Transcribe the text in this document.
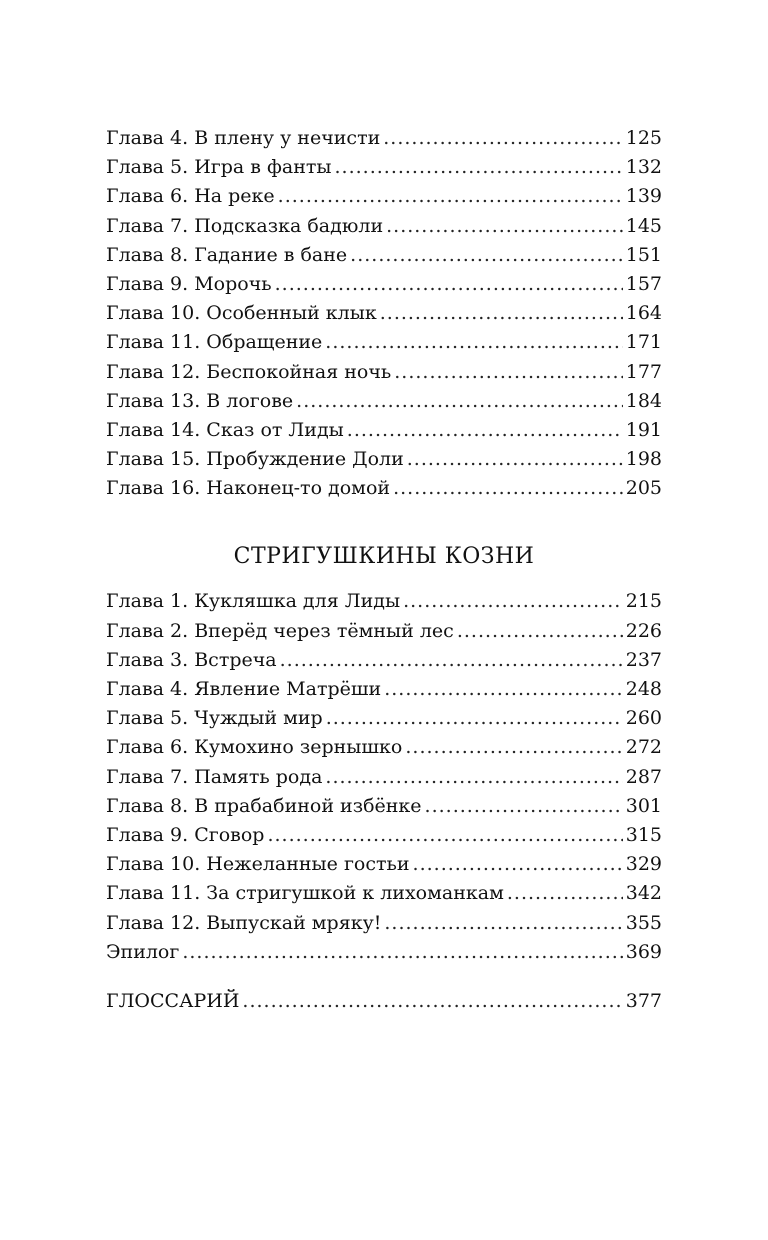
Глава 4. В плену у нечисти .....	125
Глава 5. Игра в фанты .....	132
Глава 6. На реке .....	139
Глава 7. Подсказка бадюли .....	145
Глава 8. Гадание в бане .....	151
Глава 9. Морочь .....	157
Глава 10. Особенный клык .....	164
Глава 11. Обращение .....	171
Глава 12. Беспокойная ночь .....	177
Глава 13. В логове .....	184
Глава 14. Сказ от Лиды .....	191
Глава 15. Пробуждение Доли .....	198
Глава 16. Наконец-то домой .....	205
СТРИГУШКИНЫ КОЗНИ
Глава 1. Кукляшка для Лиды .....	215
Глава 2. Вперёд через тёмный лес .....	226
Глава 3. Встреча .....	237
Глава 4. Явление Матрёши .....	248
Глава 5. Чуждый мир .....	260
Глава 6. Кумохино зернышко .....	272
Глава 7. Память рода .....	287
Глава 8. В прабабиной избёнке .....	301
Глава 9. Сговор .....	315
Глава 10. Нежеланные гостьи .....	329
Глава 11. За стригушкой к лихоманкам .....	342
Глава 12. Выпускай мряку! .....	355
Эпилог .....	369
ГЛОССАРИЙ .....	377
